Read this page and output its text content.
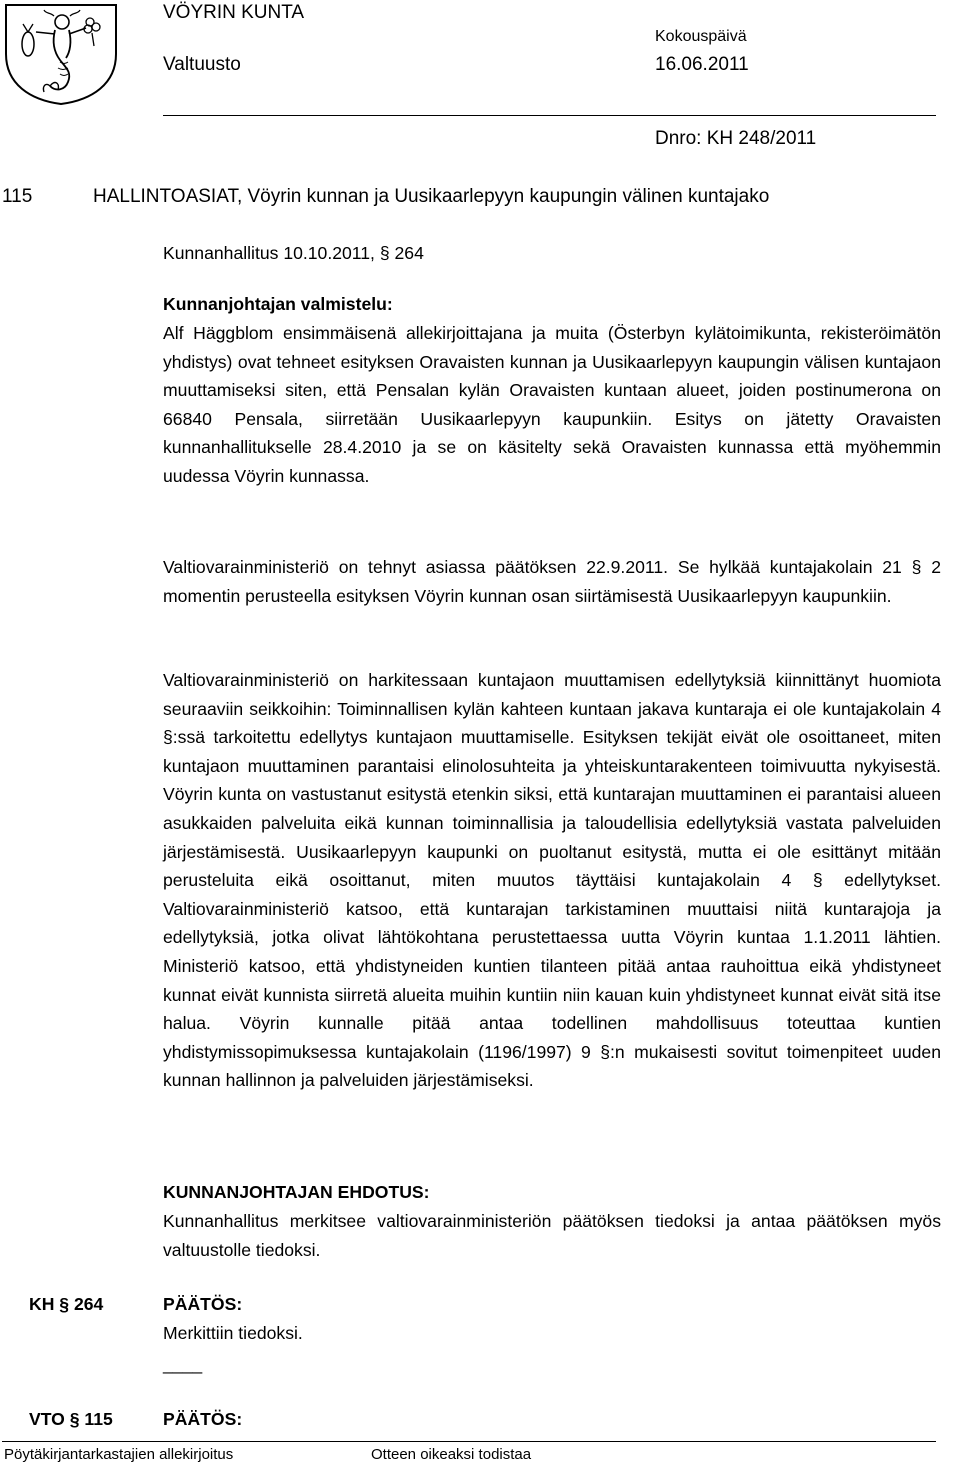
VÖYRIN KUNTA
Valtuusto
Kokouspäivä
16.06.2011
Dnro: KH 248/2011
115	HALLINTOASIAT, Vöyrin kunnan ja Uusikaarlepyyn kaupungin välinen kuntajako
Kunnanhallitus 10.10.2011, § 264
Kunnanjohtajan valmistelu:

Alf Häggblom ensimmäisenä allekirjoittajana ja muita (Österbyn kylätoimikunta, rekisteröimätön yhdistys) ovat tehneet esityksen Oravaisten kunnan ja Uusikaarlepyyn kaupungin välisen kuntajaon muuttamiseksi siten, että Pensalan kylän Oravaisten kuntaan alueet, joiden postinumerona on 66840 Pensala, siirretään Uusikaarlepyyn kaupunkiin. Esitys on jätetty Oravaisten kunnanhallitukselle 28.4.2010 ja se on käsitelty sekä Oravaisten kunnassa että myöhemmin uudessa Vöyrin kunnassa.

Valtiovarainministeriö on tehnyt asiassa päätöksen 22.9.2011. Se hylkää kuntajakolain 21 § 2 momentin perusteella esityksen Vöyrin kunnan osan siirtämisestä Uusikaarlepyyn kaupunkiin.

Valtiovarainministeriö on harkitessaan kuntajaon muuttamisen edellytyksiä kiinnittänyt huomiota seuraaviin seikkoihin: Toiminnallisen kylän kahteen kuntaan jakava kuntaraja ei ole kuntajakolain 4 §:ssä tarkoitettu edellytys kuntajaon muuttamiselle. Esityksen tekijät eivät ole osoittaneet, miten kuntajaon muuttaminen parantaisi elinolosuhteita ja yhteiskuntarakenteen toimivuutta nykyisestä. Vöyrin kunta on vastustanut esitystä etenkin siksi, että kuntarajan muuttaminen ei parantaisi alueen asukkaiden palveluita eikä kunnan toiminnallisia ja taloudellisia edellytyksiä vastata palveluiden järjestämisestä. Uusikaarlepyyn kaupunki on puoltanut esitystä, mutta ei ole esittänyt mitään perusteluita eikä osoittanut, miten muutos täyttäisi kuntajakolain 4 § edellytykset. Valtiovarainministeriö katsoo, että kuntarajan tarkistaminen muuttaisi niitä kuntarajoja ja edellytyksiä, jotka olivat lähtökohtana perustettaessa uutta Vöyrin kuntaa 1.1.2011 lähtien. Ministeriö katsoo, että yhdistyneiden kuntien tilanteen pitää antaa rauhoittua eikä yhdistyneet kunnat eivät kunnista siirretä alueita muihin kuntiin niin kauan kuin yhdistyneet kunnat eivät sitä itse halua. Vöyrin kunnalle pitää antaa todellinen mahdollisuus toteuttaa kuntien yhdistymissopimuksessa kuntajakolain (1196/1997) 9 §:n mukaisesti sovitut toimenpiteet uuden kunnan hallinnon ja palveluiden järjestämiseksi.

KUNNANJOHTAJAN EHDOTUS:

Kunnanhallitus merkitsee valtiovarainministeriön päätöksen tiedoksi ja antaa päätöksen myös valtuustolle tiedoksi.

KH § 264	PÄÄTÖS:
Merkittiin tiedoksi.
____
VTO § 115	PÄÄTÖS:
Pöytäkirjantarkastajien allekirjoitus	Otteen oikeaksi todistaa
